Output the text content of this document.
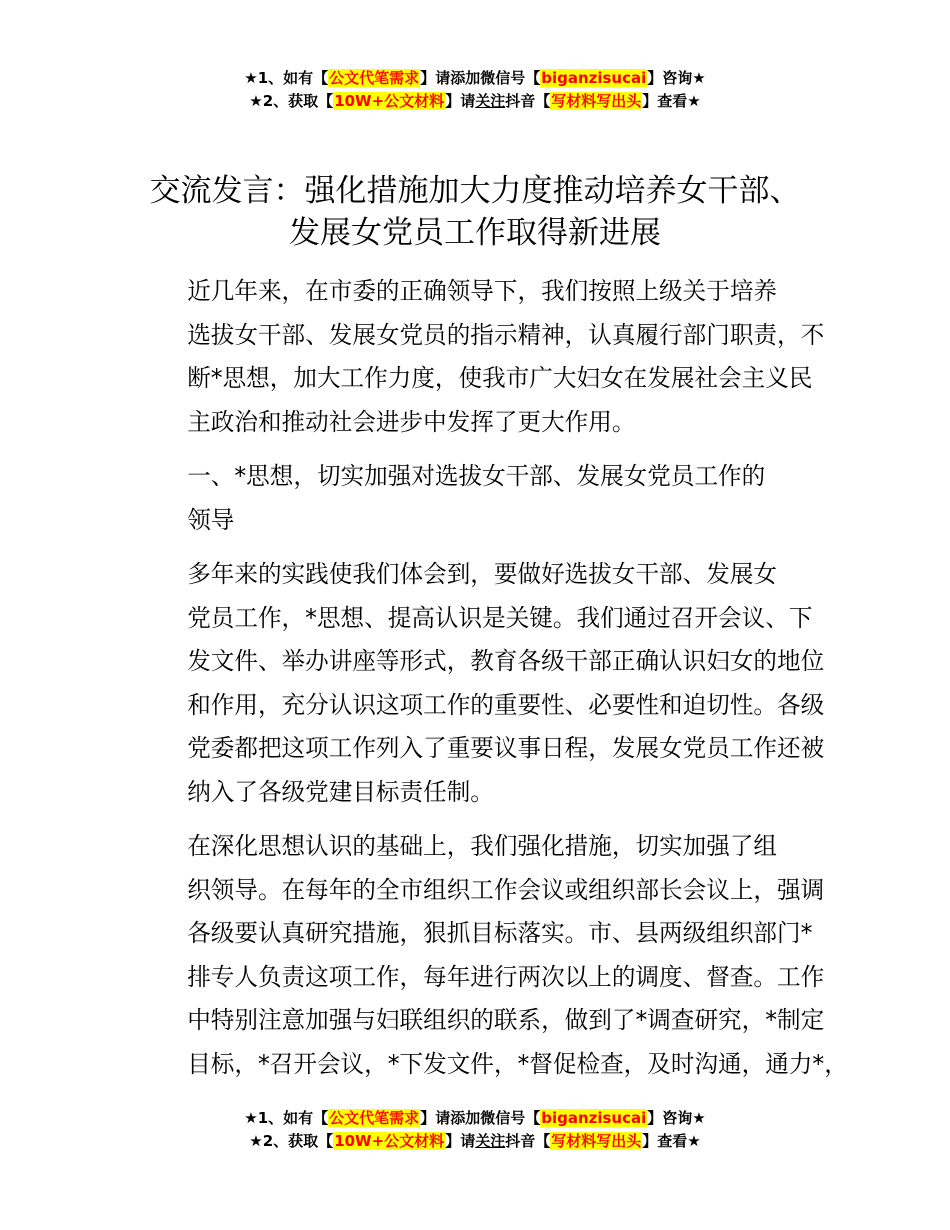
★1、如有【公文代笔需求】请添加微信号【biganzisucai】咨询★
★2、获取【10W+公文材料】请关注抖音【写材料写出头】查看★
交流发言：强化措施加大力度推动培养女干部、
发展女党员工作取得新进展
近几年来，在市委的正确领导下，我们按照上级关于培养
选拔女干部、发展女党员的指示精神，认真履行部门职责，不
断*思想，加大工作力度，使我市广大妇女在发展社会主义民
主政治和推动社会进步中发挥了更大作用。
一、*思想，切实加强对选拔女干部、发展女党员工作的
领导
多年来的实践使我们体会到，要做好选拔女干部、发展女
党员工作，*思想、提高认识是关键。我们通过召开会议、下
发文件、举办讲座等形式，教育各级干部正确认识妇女的地位
和作用，充分认识这项工作的重要性、必要性和迫切性。各级
党委都把这项工作列入了重要议事日程，发展女党员工作还被
纳入了各级党建目标责任制。
在深化思想认识的基础上，我们强化措施，切实加强了组
织领导。在每年的全市组织工作会议或组织部长会议上，强调
各级要认真研究措施，狠抓目标落实。市、县两级组织部门*
排专人负责这项工作，每年进行两次以上的调度、督查。工作
中特别注意加强与妇联组织的联系，做到了*调查研究，*制定
目标，*召开会议，*下发文件，*督促检查，及时沟通，通力*，
★1、如有【公文代笔需求】请添加微信号【biganzisucai】咨询★
★2、获取【10W+公文材料】请关注抖音【写材料写出头】查看★
